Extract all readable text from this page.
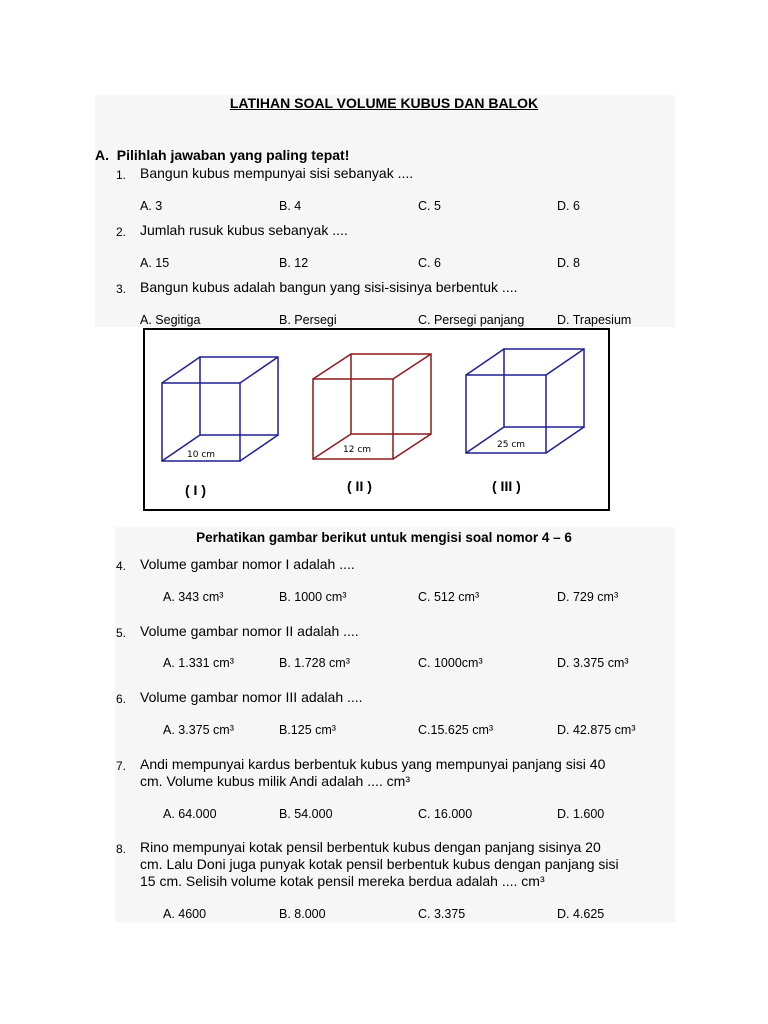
LATIHAN SOAL VOLUME KUBUS DAN BALOK
A. Pilihlah jawaban yang paling tepat!
1. Bangun kubus mempunyai sisi sebanyak ....
A. 3	B. 4	C. 5	D. 6
2. Jumlah rusuk kubus sebanyak ....
A. 15	B. 12	C. 6	D. 8
3. Bangun kubus adalah bangun yang sisi-sisinya berbentuk ....
A. Segitiga	B. Persegi	C. Persegi panjang	D. Trapesium
10 cm
( I )
12 cm
( II )
25 cm
( III )
Perhatikan gambar berikut untuk mengisi soal nomor 4 – 6
4. Volume gambar nomor I adalah ....
A. 343 cm³	B. 1000 cm³	C. 512 cm³	D. 729 cm³
5. Volume gambar nomor II adalah ....
A. 1.331 cm³	B. 1.728 cm³	C. 1000cm³	D. 3.375 cm³
6. Volume gambar nomor III adalah ....
A. 3.375 cm³	B.125 cm³	C.15.625 cm³	D. 42.875 cm³
7. Andi mempunyai kardus berbentuk kubus yang mempunyai panjang sisi 40
cm. Volume kubus milik Andi adalah .... cm³
A. 64.000	B. 54.000	C. 16.000	D. 1.600
8. Rino mempunyai kotak pensil berbentuk kubus dengan panjang sisinya 20
cm. Lalu Doni juga punyak kotak pensil berbentuk kubus dengan panjang sisi
15 cm. Selisih volume kotak pensil mereka berdua adalah .... cm³
A. 4600	B. 8.000	C. 3.375	D. 4.625
